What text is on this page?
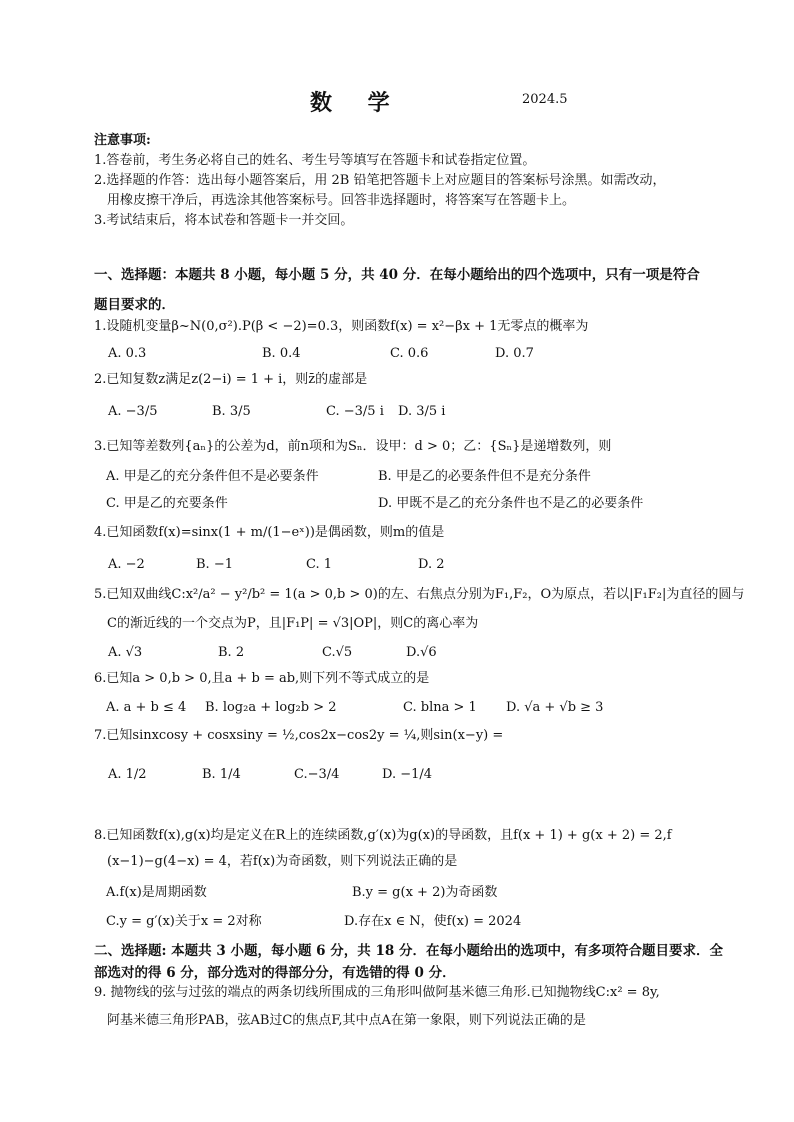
数 学	2024.5
注意事项:
1.答卷前，考生务必将自己的姓名、考生号等填写在答题卡和试卷指定位置。
2.选择题的作答：选出每小题答案后，用 2B 铅笔把答题卡上对应题目的答案标号涂黑。如需改动，
用橡皮擦干净后，再选涂其他答案标号。回答非选择题时，将答案写在答题卡上。
3.考试结束后，将本试卷和答题卡一并交回。
一、选择题：本题共 8 小题，每小题 5 分，共 40 分．在每小题给出的四个选项中，只有一项是符合
题目要求的．
1.设随机变量β~N(0,σ²).P(β < −2)=0.3，则函数f(x) = x²−βx + 1无零点的概率为
A. 0.3	B. 0.4	C. 0.6	D. 0.7
2.已知复数z满足z(2−i) = 1 + i，则z̄的虚部是
A. −3/5	B. 3/5	C. −3/5 i D. 3/5 i
3.已知等差数列{aₙ}的公差为d，前n项和为Sₙ．设甲：d > 0；乙：{Sₙ}是递增数列，则
A. 甲是乙的充分条件但不是必要条件	B. 甲是乙的必要条件但不是充分条件
C. 甲是乙的充要条件	D. 甲既不是乙的充分条件也不是乙的必要条件
4.已知函数f(x)=sinx(1 + m/(1−eˣ))是偶函数，则m的值是
A. −2	B. −1	C. 1	D. 2
5.已知双曲线C:x²/a² − y²/b² = 1(a > 0,b > 0)的左、右焦点分别为F₁,F₂，O为原点，若以|F₁F₂|为直径的圆与
C的渐近线的一个交点为P，且|F₁P| = √3|OP|，则C的离心率为
A. √3	B. 2	C.√5	D.√6
6.已知a > 0,b > 0,且a + b = ab,则下列不等式成立的是
A. a + b ≤ 4 B. log₂a + log₂b > 2	C. blna > 1 D. √a + √b ≥ 3
7.已知sinxcosy + cosxsiny = ½,cos2x−cos2y = ¼,则sin(x−y) =
A. 1/2	B. 1/4	C.−3/4	D. −1/4
8.已知函数f(x),g(x)均是定义在R上的连续函数,g′(x)为g(x)的导函数，且f(x + 1) + g(x + 2) = 2,f
(x−1)−g(4−x) = 4，若f(x)为奇函数，则下列说法正确的是
A.f(x)是周期函数	B.y = g(x + 2)为奇函数
C.y = g′(x)关于x = 2对称	D.存在x ∈ N，使f(x) = 2024
二、选择题: 本题共 3 小题，每小题 6 分，共 18 分．在每小题给出的选项中，有多项符合题目要求．全
部选对的得 6 分，部分选对的得部分分，有选错的得 0 分．
9. 抛物线的弦与过弦的端点的两条切线所围成的三角形叫做阿基米德三角形.已知抛物线C:x² = 8y,
阿基米德三角形PAB，弦AB过C的焦点F,其中点A在第一象限，则下列说法正确的是
